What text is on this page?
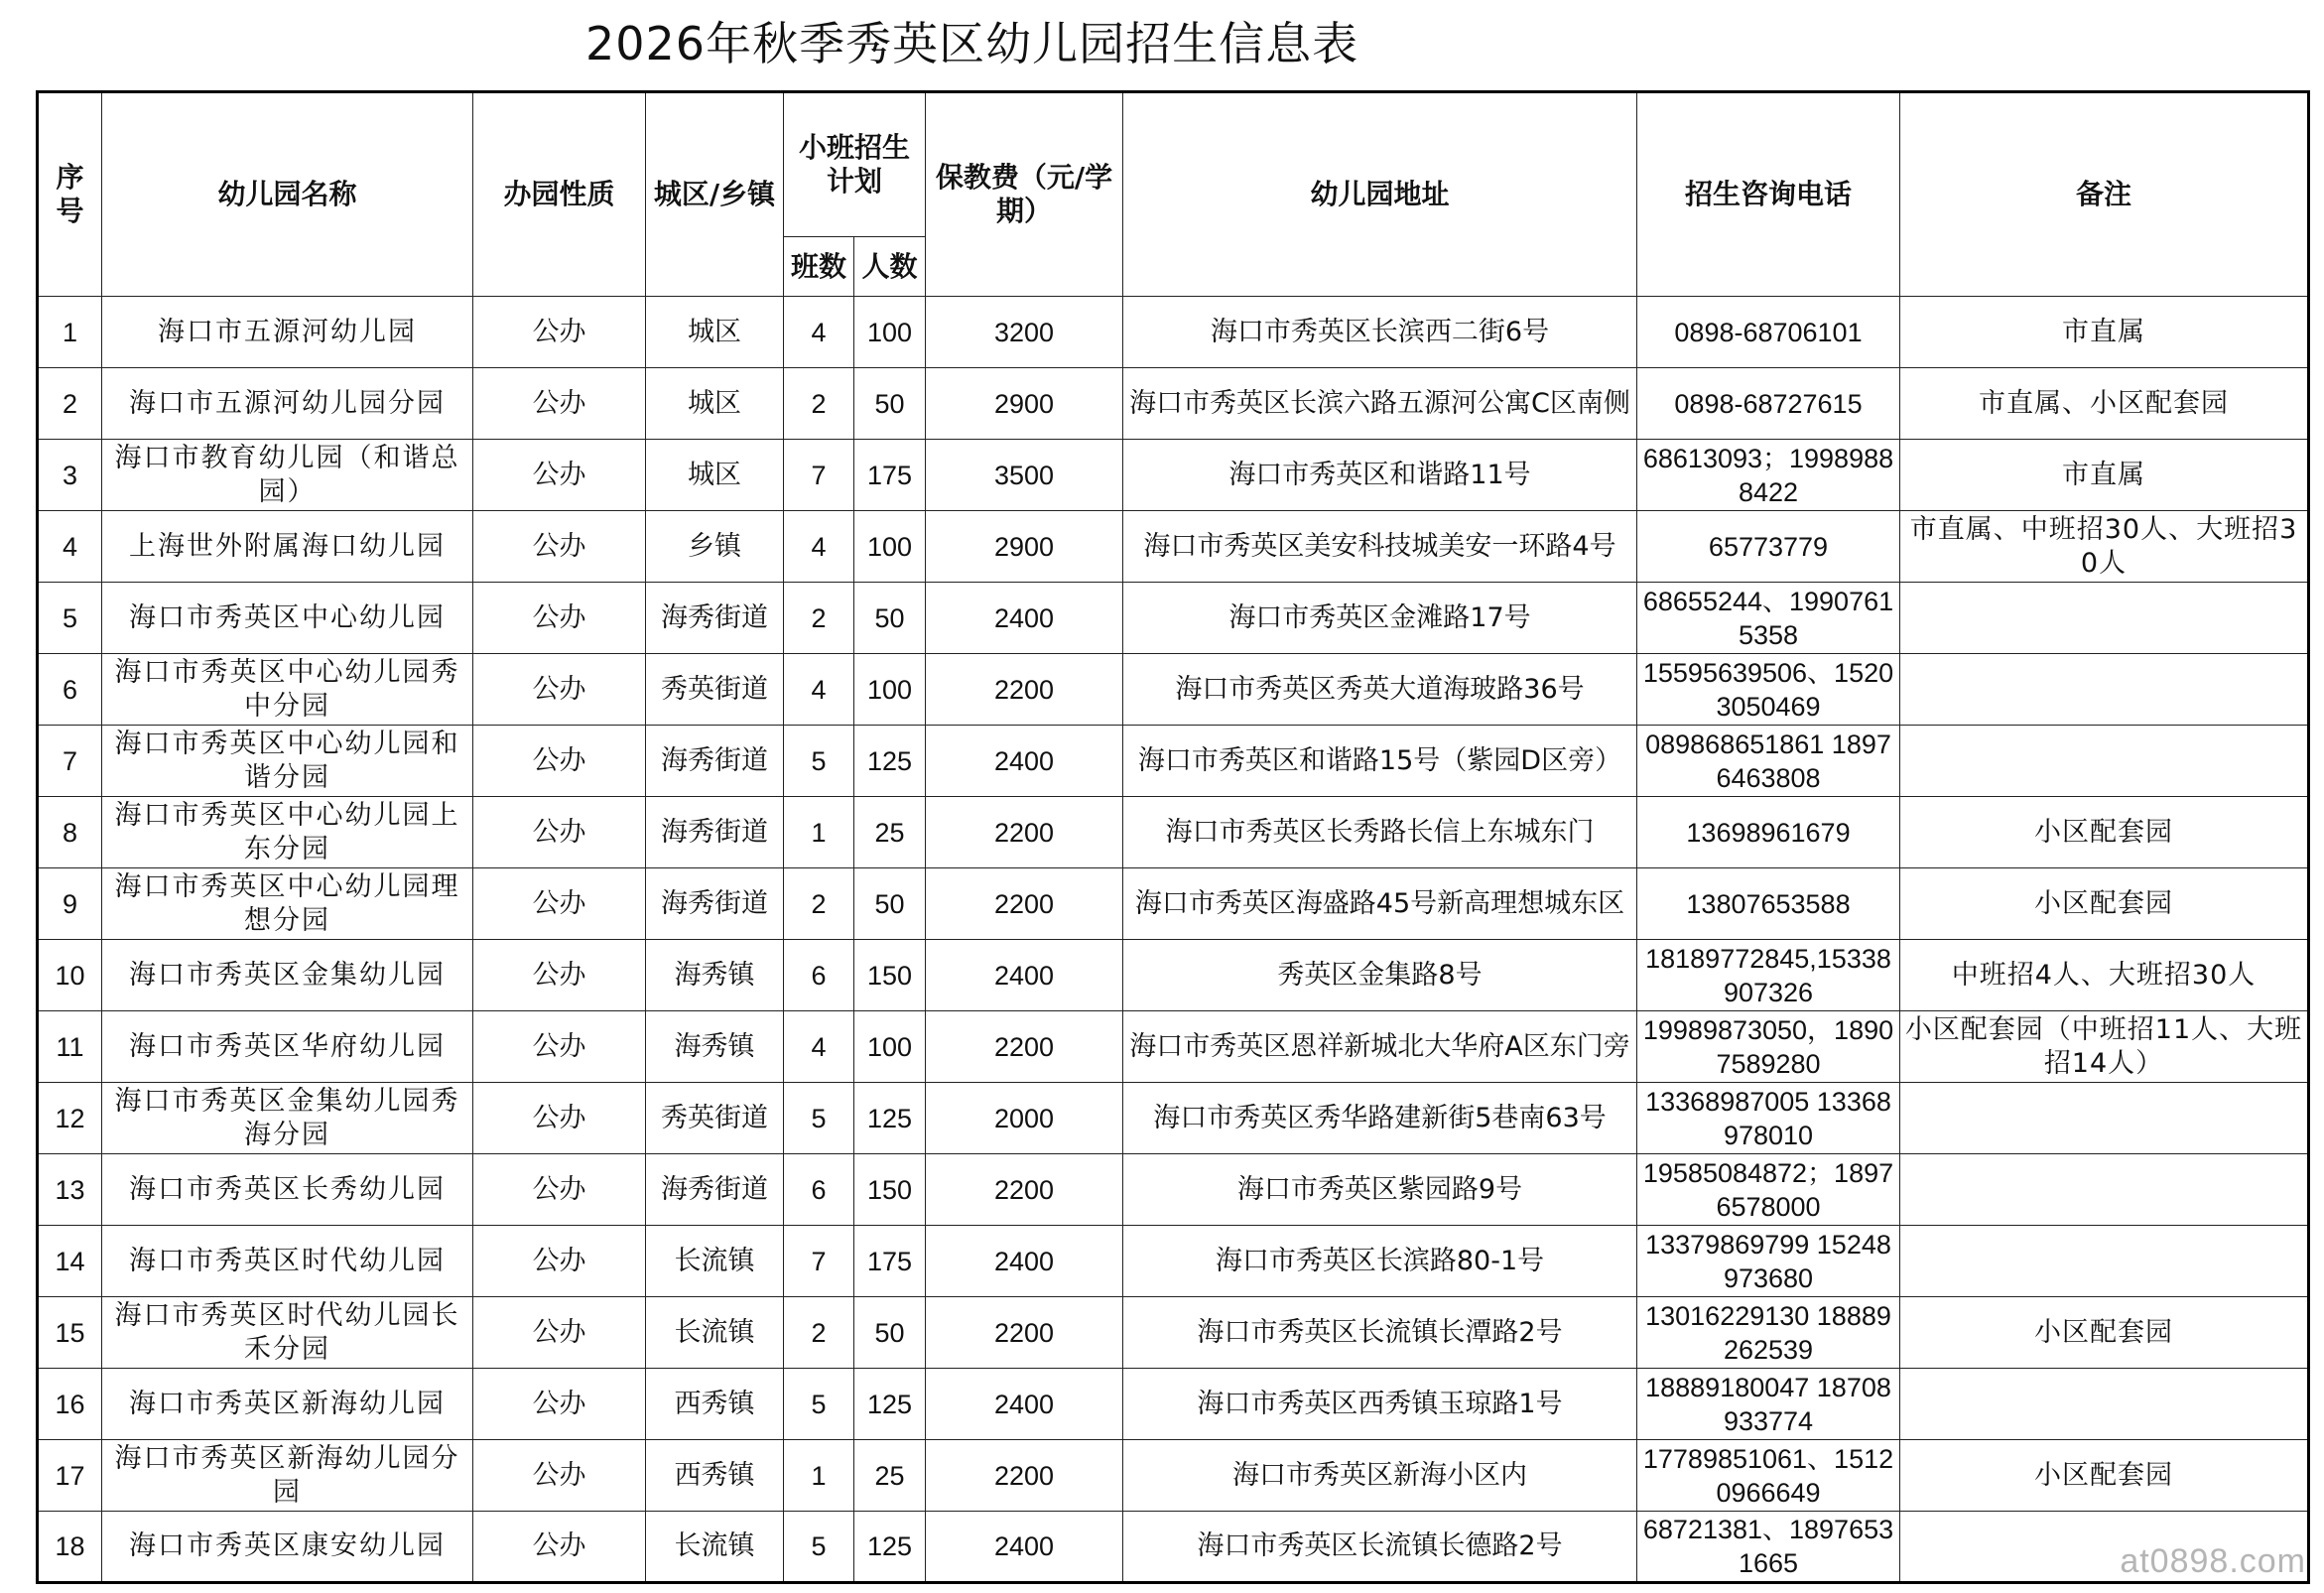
2026年秋季秀英区幼儿园招生信息表
序号	幼儿园名称	办园性质	城区/乡镇	小班招生计划		保教费（元/学期）	幼儿园地址	招生咨询电话	备注
				班数	人数				
1	海口市五源河幼儿园	公办	城区	4	100	3200	海口市秀英区长滨西二街6号	0898-68706101	市直属
2	海口市五源河幼儿园分园	公办	城区	2	50	2900	海口市秀英区长滨六路五源河公寓C区南侧	0898-68727615	市直属、小区配套园
3	海口市教育幼儿园（和谐总园）	公办	城区	7	175	3500	海口市秀英区和谐路11号	68613093；19989888422	市直属
4	上海世外附属海口幼儿园	公办	乡镇	4	100	2900	海口市秀英区美安科技城美安一环路4号	65773779	市直属、中班招30人、大班招30人
5	海口市秀英区中心幼儿园	公办	海秀街道	2	50	2400	海口市秀英区金滩路17号	68655244、19907615358	
6	海口市秀英区中心幼儿园秀中分园	公办	秀英街道	4	100	2200	海口市秀英区秀英大道海玻路36号	15595639506、15203050469	
7	海口市秀英区中心幼儿园和谐分园	公办	海秀街道	5	125	2400	海口市秀英区和谐路15号（紫园D区旁）	089868651861 18976463808	
8	海口市秀英区中心幼儿园上东分园	公办	海秀街道	1	25	2200	海口市秀英区长秀路长信上东城东门	13698961679	小区配套园
9	海口市秀英区中心幼儿园理想分园	公办	海秀街道	2	50	2200	海口市秀英区海盛路45号新高理想城东区	13807653588	小区配套园
10	海口市秀英区金集幼儿园	公办	海秀镇	6	150	2400	秀英区金集路8号	18189772845,15338907326	中班招4人、大班招30人
11	海口市秀英区华府幼儿园	公办	海秀镇	4	100	2200	海口市秀英区恩祥新城北大华府A区东门旁	19989873050，18907589280	小区配套园（中班招11人、大班招14人）
12	海口市秀英区金集幼儿园秀海分园	公办	秀英街道	5	125	2000	海口市秀英区秀华路建新街5巷南63号	13368987005 13368978010	
13	海口市秀英区长秀幼儿园	公办	海秀街道	6	150	2200	海口市秀英区紫园路9号	19585084872；18976578000	
14	海口市秀英区时代幼儿园	公办	长流镇	7	175	2400	海口市秀英区长滨路80-1号	13379869799 15248973680	
15	海口市秀英区时代幼儿园长禾分园	公办	长流镇	2	50	2200	海口市秀英区长流镇长潭路2号	13016229130 18889262539	小区配套园
16	海口市秀英区新海幼儿园	公办	西秀镇	5	125	2400	海口市秀英区西秀镇玉琼路1号	18889180047 18708933774	
17	海口市秀英区新海幼儿园分园	公办	西秀镇	1	25	2200	海口市秀英区新海小区内	17789851061、15120966649	小区配套园
18	海口市秀英区康安幼儿园	公办	长流镇	5	125	2400	海口市秀英区长流镇长德路2号	68721381、18976531665		at0898.com
